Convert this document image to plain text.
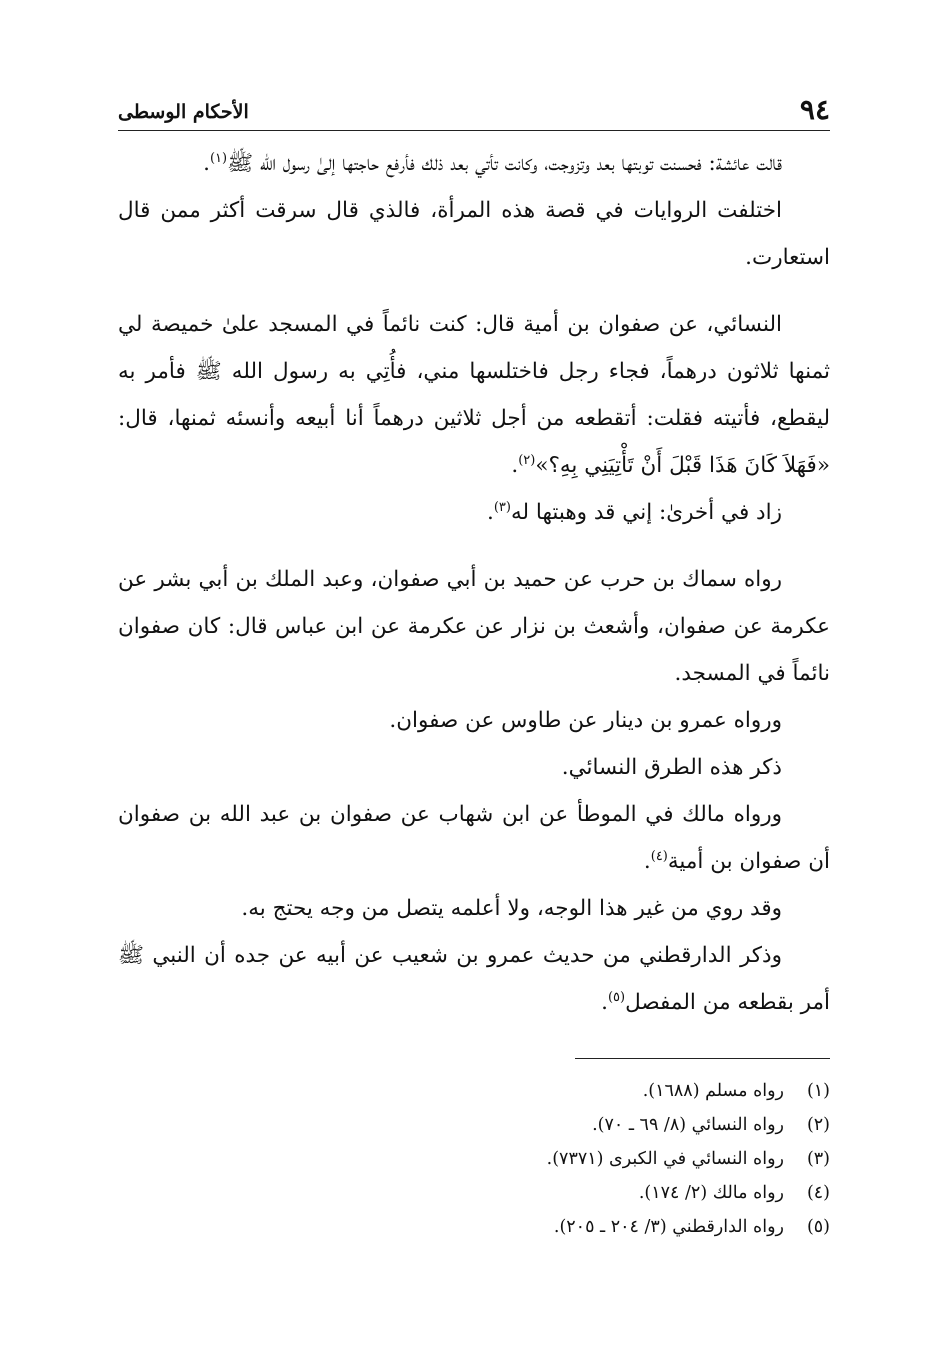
٩٤
الأحكام الوسطى

قالت عائشة: فحسنت توبتها بعد وتزوجت، وكانت تأتي بعد ذلك فأرفع حاجتها إلىٰ رسول الله ﷺ$^{(١)}$.

اختلفت الروايات في قصة هذه المرأة، فالذي قال سرقت أكثر ممن قال استعارت.

النسائي، عن صفوان بن أمية قال: كنت نائماً في المسجد علىٰ خميصة لي ثمنها ثلاثون درهماً، فجاء رجل فاختلسها مني، فأُتِي به رسول الله ﷺ فأمر به ليقطع، فأتيته فقلت: أتقطعه من أجل ثلاثين درهماً أنا أبيعه وأنسئه ثمنها، قال: «فَهَلاَ كَانَ هَذَا قَبْلَ أَنْ تَأْتِيَنِي بِهِ؟»$^{(٢)}$.

زاد في أخرىٰ: إني قد وهبتها له$^{(٣)}$.

رواه سماك بن حرب عن حميد بن أبي صفوان، وعبد الملك بن أبي بشر عن عكرمة عن صفوان، وأشعث بن نزار عن عكرمة عن ابن عباس قال: كان صفوان نائماً في المسجد.

ورواه عمرو بن دينار عن طاوس عن صفوان.

ذكر هذه الطرق النسائي.

ورواه مالك في الموطأ عن ابن شهاب عن صفوان بن عبد الله بن صفوان أن صفوان بن أمية$^{(٤)}$.

وقد روي من غير هذا الوجه، ولا أعلمه يتصل من وجه يحتج به.

وذكر الدارقطني من حديث عمرو بن شعيب عن أبيه عن جده أن النبي ﷺ أمر بقطعه من المفصل$^{(٥)}$.

(١)
رواه مسلم (١٦٨٨).
(٢)
رواه النسائي (٨/ ٦٩ ـ ٧٠).
(٣)
رواه النسائي في الكبرى (٧٣٧١).
(٤)
رواه مالك (٢/ ١٧٤).
(٥)
رواه الدارقطني (٣/ ٢٠٤ ـ ٢٠٥).
